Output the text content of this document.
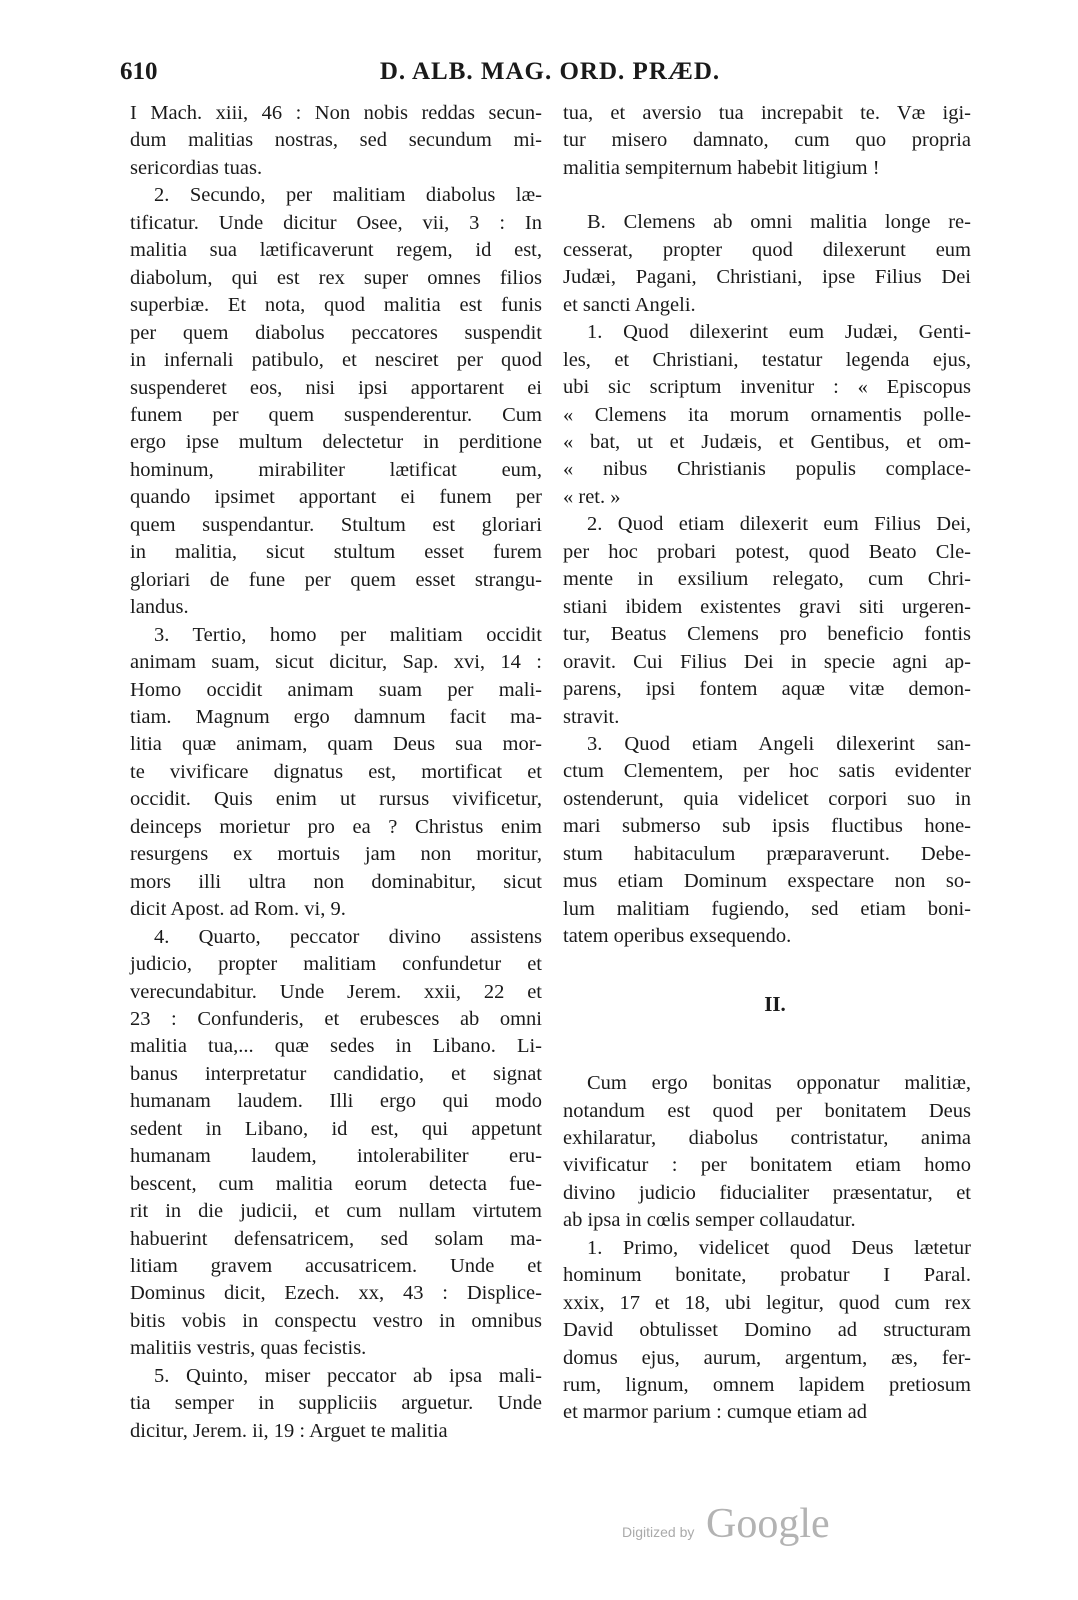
610	D. ALB. MAG. ORD. PRÆD.
I Mach. xiii, 46 : Non nobis reddas secun-
dum malitias nostras, sed secundum mi-
sericordias tuas.
2. Secundo, per malitiam diabolus læ-
tificatur. Unde dicitur Osee, vii, 3 : In
malitia sua lætificaverunt regem, id est,
diabolum, qui est rex super omnes filios
superbiæ. Et nota, quod malitia est funis
per quem diabolus peccatores suspendit
in infernali patibulo, et nesciret per quod
suspenderet eos, nisi ipsi apportarent ei
funem per quem suspenderentur. Cum
ergo ipse multum delectetur in perditione
hominum, mirabiliter lætificat eum,
quando ipsimet apportant ei funem per
quem suspendantur. Stultum est gloriari
in malitia, sicut stultum esset furem
gloriari de fune per quem esset strangu-
landus.
3. Tertio, homo per malitiam occidit
animam suam, sicut dicitur, Sap. xvi, 14 :
Homo occidit animam suam per mali-
tiam. Magnum ergo damnum facit ma-
litia quæ animam, quam Deus sua mor-
te vivificare dignatus est, mortificat et
occidit. Quis enim ut rursus vivificetur,
deinceps morietur pro ea ? Christus enim
resurgens ex mortuis jam non moritur,
mors illi ultra non dominabitur, sicut
dicit Apost. ad Rom. vi, 9.
4. Quarto, peccator divino assistens
judicio, propter malitiam confundetur et
verecundabitur. Unde Jerem. xxii, 22 et
23 : Confunderis, et erubesces ab omni
malitia tua,... quæ sedes in Libano. Li-
banus interpretatur candidatio, et signat
humanam laudem. Illi ergo qui modo
sedent in Libano, id est, qui appetunt
humanam laudem, intolerabiliter eru-
bescent, cum malitia eorum detecta fue-
rit in die judicii, et cum nullam virtutem
habuerint defensatricem, sed solam ma-
litiam gravem accusatricem. Unde et
Dominus dicit, Ezech. xx, 43 : Displice-
bitis vobis in conspectu vestro in omnibus
malitiis vestris, quas fecistis.
5. Quinto, miser peccator ab ipsa mali-
tia semper in suppliciis arguetur. Unde
dicitur, Jerem. ii, 19 : Arguet te malitia
tua, et aversio tua increpabit te. Væ igi-
tur misero damnato, cum quo propria
malitia sempiternum habebit litigium !
B. Clemens ab omni malitia longe re-
cesserat, propter quod dilexerunt eum
Judæi, Pagani, Christiani, ipse Filius Dei
et sancti Angeli.
1. Quod dilexerint eum Judæi, Genti-
les, et Christiani, testatur legenda ejus,
ubi sic scriptum invenitur : « Episcopus
« Clemens ita morum ornamentis polle-
« bat, ut et Judæis, et Gentibus, et om-
« nibus Christianis populis complace-
« ret. »
2. Quod etiam dilexerit eum Filius Dei,
per hoc probari potest, quod Beato Cle-
mente in exsilium relegato, cum Chri-
stiani ibidem existentes gravi siti urgeren-
tur, Beatus Clemens pro beneficio fontis
oravit. Cui Filius Dei in specie agni ap-
parens, ipsi fontem aquæ vitæ demon-
stravit.
3. Quod etiam Angeli dilexerint san-
ctum Clementem, per hoc satis evidenter
ostenderunt, quia videlicet corpori suo in
mari submerso sub ipsis fluctibus hone-
stum habitaculum præparaverunt. Debe-
mus etiam Dominum exspectare non so-
lum malitiam fugiendo, sed etiam boni-
tatem operibus exsequendo.
II.
Cum ergo bonitas opponatur malitiæ,
notandum est quod per bonitatem Deus
exhilaratur, diabolus contristatur, anima
vivificatur : per bonitatem etiam homo
divino judicio fiducialiter præsentatur, et
ab ipsa in cœlis semper collaudatur.
1. Primo, videlicet quod Deus lætetur
hominum bonitate, probatur I Paral.
xxix, 17 et 18, ubi legitur, quod cum rex
David obtulisset Domino ad structuram
domus ejus, aurum, argentum, æs, fer-
rum, lignum, omnem lapidem pretiosum
et marmor parium : cumque etiam ad
Digitized by Google
